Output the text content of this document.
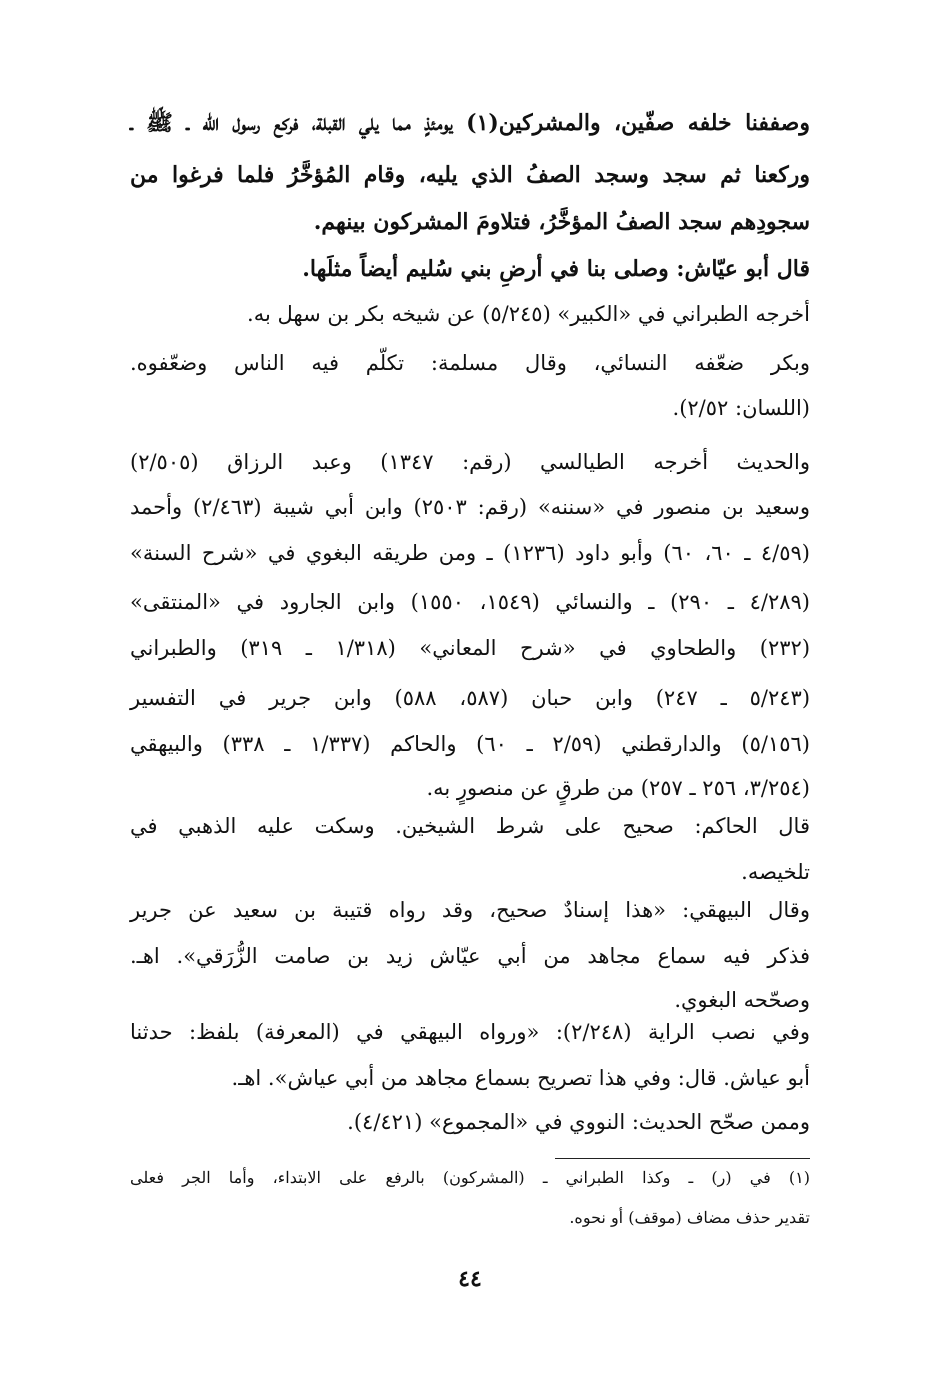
وصففنا خلفه صفّين، والمشركين(١) يومئذٍ مما يلي القبلة، فركع رسول الله ـ ﷺ ـ
وركعنا ثم سجد وسجد الصفُ الذي يليه، وقام المُؤخَّرُ فلما فرغوا من
سجودِهم سجد الصفُ المؤخَّرُ، فتلاومَ المشركون بينهم.
قال أبو عيّاش: وصلى بنا في أرضِ بني سُليم أيضاً مثلَها.
أخرجه الطبراني في «الكبير» (٥/٢٤٥) عن شيخه بكر بن سهل به.
وبكر ضعّفه النسائي، وقال مسلمة: تكلّم فيه الناس وضعّفوه.
(اللسان: ٢/٥٢).
والحديث أخرجه الطيالسي (رقم: ١٣٤٧) وعبد الرزاق (٢/٥٠٥)
وسعيد بن منصور في «سننه» (رقم: ٢٥٠٣) وابن أبي شيبة (٢/٤٦٣) وأحمد
(٤/٥٩ ـ ٦٠، ٦٠) وأبو داود (١٢٣٦) ـ ومن طريقه البغوي في «شرح السنة»
(٤/٢٨٩ ـ ٢٩٠) ـ والنسائي (١٥٤٩، ١٥٥٠) وابن الجارود في «المنتقى»
(٢٣٢) والطحاوي في «شرح المعاني» (١/٣١٨ ـ ٣١٩) والطبراني
(٥/٢٤٣ ـ ٢٤٧) وابن حبان (٥٨٧، ٥٨٨) وابن جرير في التفسير
(٥/١٥٦) والدارقطني (٢/٥٩ ـ ٦٠) والحاكم (١/٣٣٧ ـ ٣٣٨) والبيهقي
(٣/٢٥٤، ٢٥٦ ـ ٢٥٧) من طرقٍ عن منصورٍ به.
قال الحاكم: صحيح على شرط الشيخين. وسكت عليه الذهبي في
تلخيصه.
وقال البيهقي: «هذا إسنادٌ صحيح، وقد رواه قتيبة بن سعيد عن جرير
فذكر فيه سماع مجاهد من أبي عيّاش زيد بن صامت الزُّرَقي». اهـ.
وصحّحه البغوي.
وفي نصب الراية (٢/٢٤٨): «ورواه البيهقي في (المعرفة) بلفظ: حدثنا
أبو عياش. قال: وفي هذا تصريح بسماع مجاهد من أبي عياش». اهـ.
وممن صحّح الحديث: النووي في «المجموع» (٤/٤٢١).
(١) في (ر) ـ وكذا الطبراني ـ (المشركون) بالرفع على الابتداء، وأما الجر فعلى
تقدير حذف مضاف (موقف) أو نحوه.
٤٤
